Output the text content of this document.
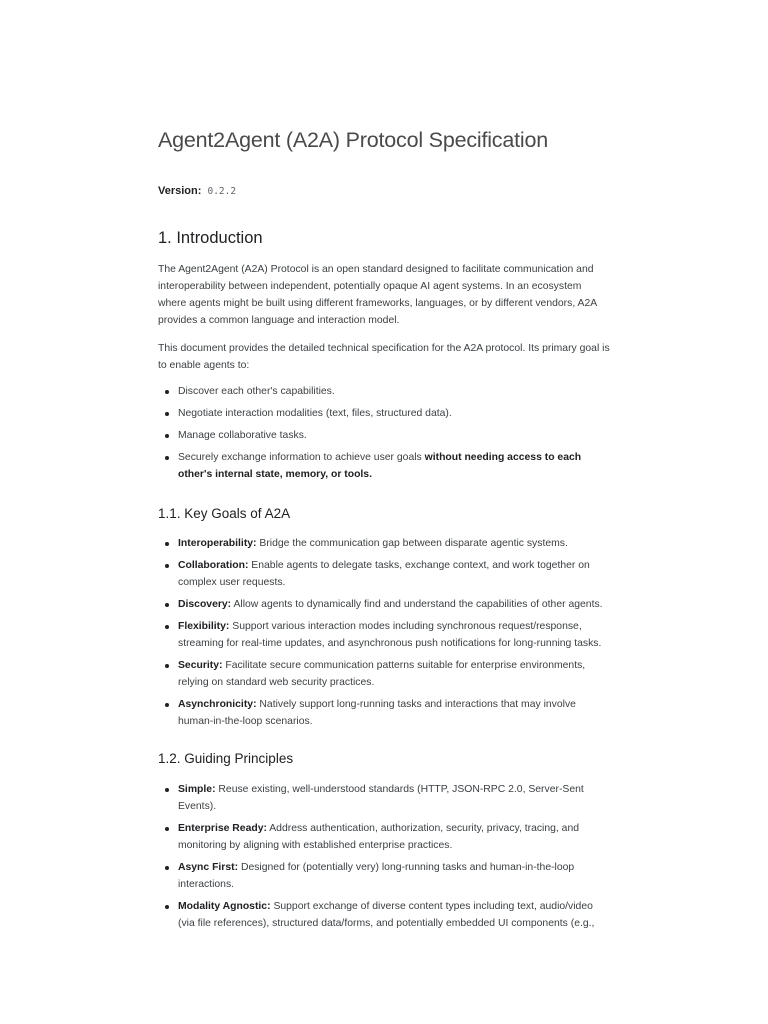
Agent2Agent (A2A) Protocol Specification
Version: 0.2.2
1. Introduction

The Agent2Agent (A2A) Protocol is an open standard designed to facilitate communication and interoperability between independent, potentially opaque AI agent systems. In an ecosystem where agents might be built using different frameworks, languages, or by different vendors, A2A provides a common language and interaction model.

This document provides the detailed technical specification for the A2A protocol. Its primary goal is to enable agents to:

Discover each other's capabilities.
Negotiate interaction modalities (text, files, structured data).
Manage collaborative tasks.
Securely exchange information to achieve user goals without needing access to each other's internal state, memory, or tools.
1.1. Key Goals of A2A
Interoperability: Bridge the communication gap between disparate agentic systems.
Collaboration: Enable agents to delegate tasks, exchange context, and work together on complex user requests.
Discovery: Allow agents to dynamically find and understand the capabilities of other agents.
Flexibility: Support various interaction modes including synchronous request/response, streaming for real-time updates, and asynchronous push notifications for long-running tasks.
Security: Facilitate secure communication patterns suitable for enterprise environments, relying on standard web security practices.
Asynchronicity: Natively support long-running tasks and interactions that may involve human-in-the-loop scenarios.
1.2. Guiding Principles
Simple: Reuse existing, well-understood standards (HTTP, JSON-RPC 2.0, Server-Sent Events).
Enterprise Ready: Address authentication, authorization, security, privacy, tracing, and monitoring by aligning with established enterprise practices.
Async First: Designed for (potentially very) long-running tasks and human-in-the-loop interactions.
Modality Agnostic: Support exchange of diverse content types including text, audio/video (via file references), structured data/forms, and potentially embedded UI components (e.g.,
